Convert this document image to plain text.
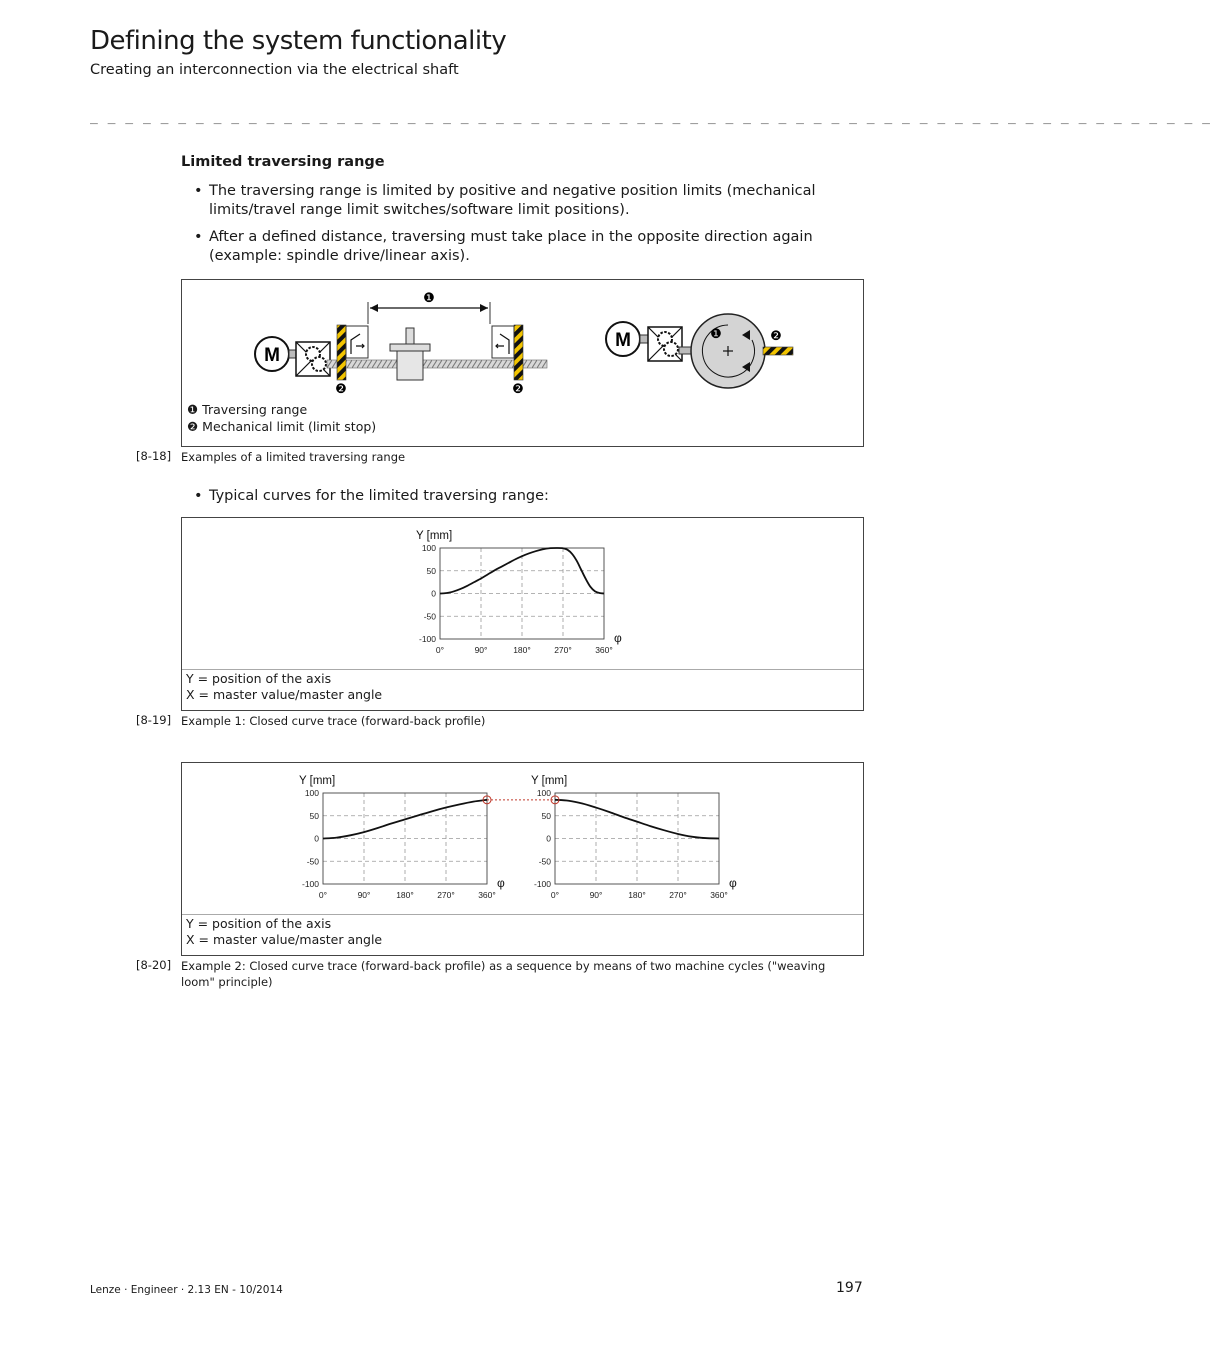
Defining the system functionality
Creating an interconnection via the electrical shaft
_ _ _ _ _ _ _ _ _ _ _ _ _ _ _ _ _ _ _ _ _ _ _ _ _ _ _ _ _ _ _ _ _ _ _ _ _ _ _ _ _ _ _ _ _ _ _ _ _ _ _ _ _ _ _ _ _ _ _ _ _ _ _ _
Limited traversing range
• The traversing range is limited by positive and negative position limits (mechanical limits/travel range limit switches/software limit positions).
• After a defined distance, traversing must take place in the opposite direction again (example: spindle drive/linear axis).
M
❶
❷	❷
M	❶	❷
❶ Traversing range
❷ Mechanical limit (limit stop)
[8-18] Examples of a limited traversing range
• Typical curves for the limited traversing range:
0°	90°	180°	270°	360°
100
50
0
-50
-100
Y [mm]
φ
Y = position of the axis
X = master value/master angle
[8-19] Example 1: Closed curve trace (forward-back profile)
0°	90°	180°	270°	360°
100
50
0
-50
-100
Y [mm]
φ
0°	90°	180°	270°	360°
100
50
0
-50
-100
Y [mm]
φ
Y = position of the axis
X = master value/master angle
[8-20] Example 2: Closed curve trace (forward-back profile) as a sequence by means of two machine cycles ("weaving loom" principle)
Lenze · Engineer · 2.13 EN - 10/2014	197
